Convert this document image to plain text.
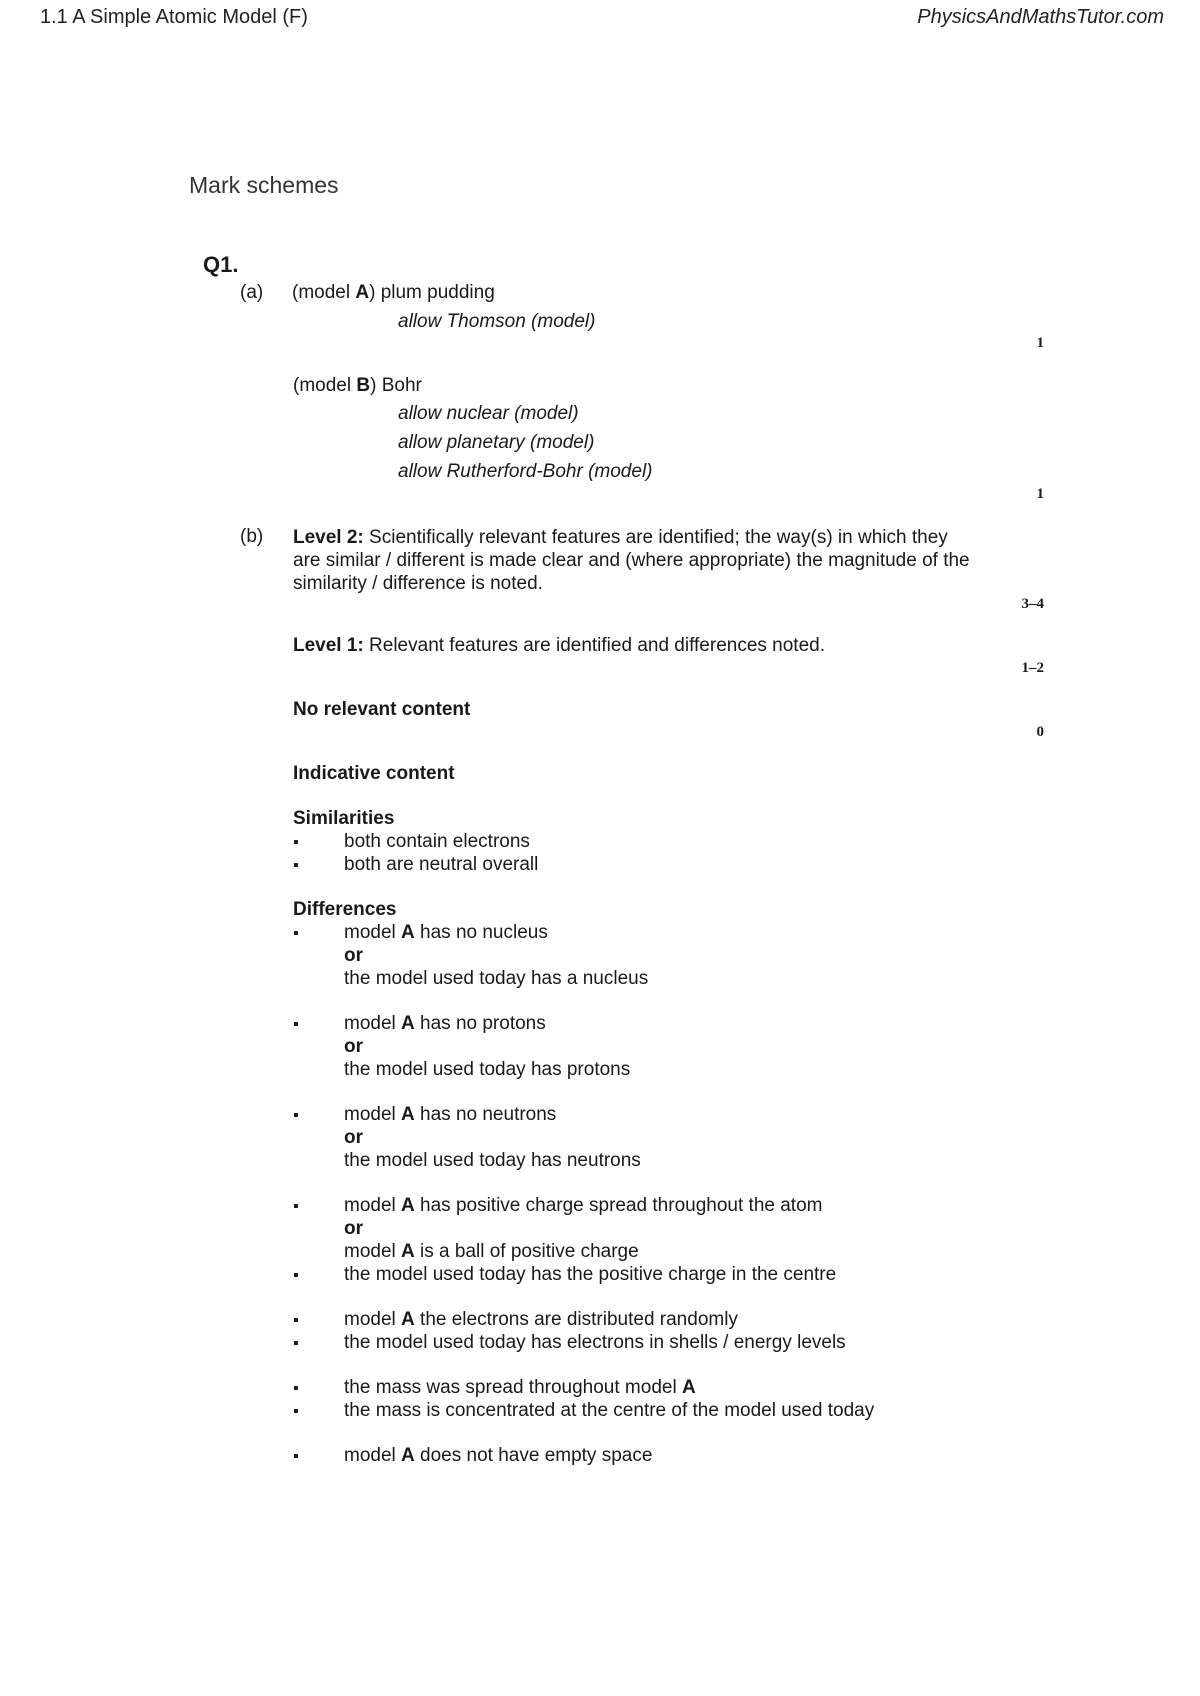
1.1 A Simple Atomic Model (F)	PhysicsAndMathsTutor.com
Mark schemes
Q1.
(a) (model A) plum pudding
allow Thomson (model)
1
(model B) Bohr
allow nuclear (model)
allow planetary (model)
allow Rutherford-Bohr (model)
1
(b) Level 2: Scientifically relevant features are identified; the way(s) in which they are similar / different is made clear and (where appropriate) the magnitude of the similarity / difference is noted.
3–4
Level 1: Relevant features are identified and differences noted.
1–2
No relevant content
0
Indicative content
Similarities
▪ both contain electrons
▪ both are neutral overall
Differences
▪ model A has no nucleus
or
the model used today has a nucleus
▪ model A has no protons
or
the model used today has protons
▪ model A has no neutrons
or
the model used today has neutrons
▪ model A has positive charge spread throughout the atom
or
model A is a ball of positive charge
▪ the model used today has the positive charge in the centre
▪ model A the electrons are distributed randomly
▪ the model used today has electrons in shells / energy levels
▪ the mass was spread throughout model A
▪ the mass is concentrated at the centre of the model used today
▪ model A does not have empty space
